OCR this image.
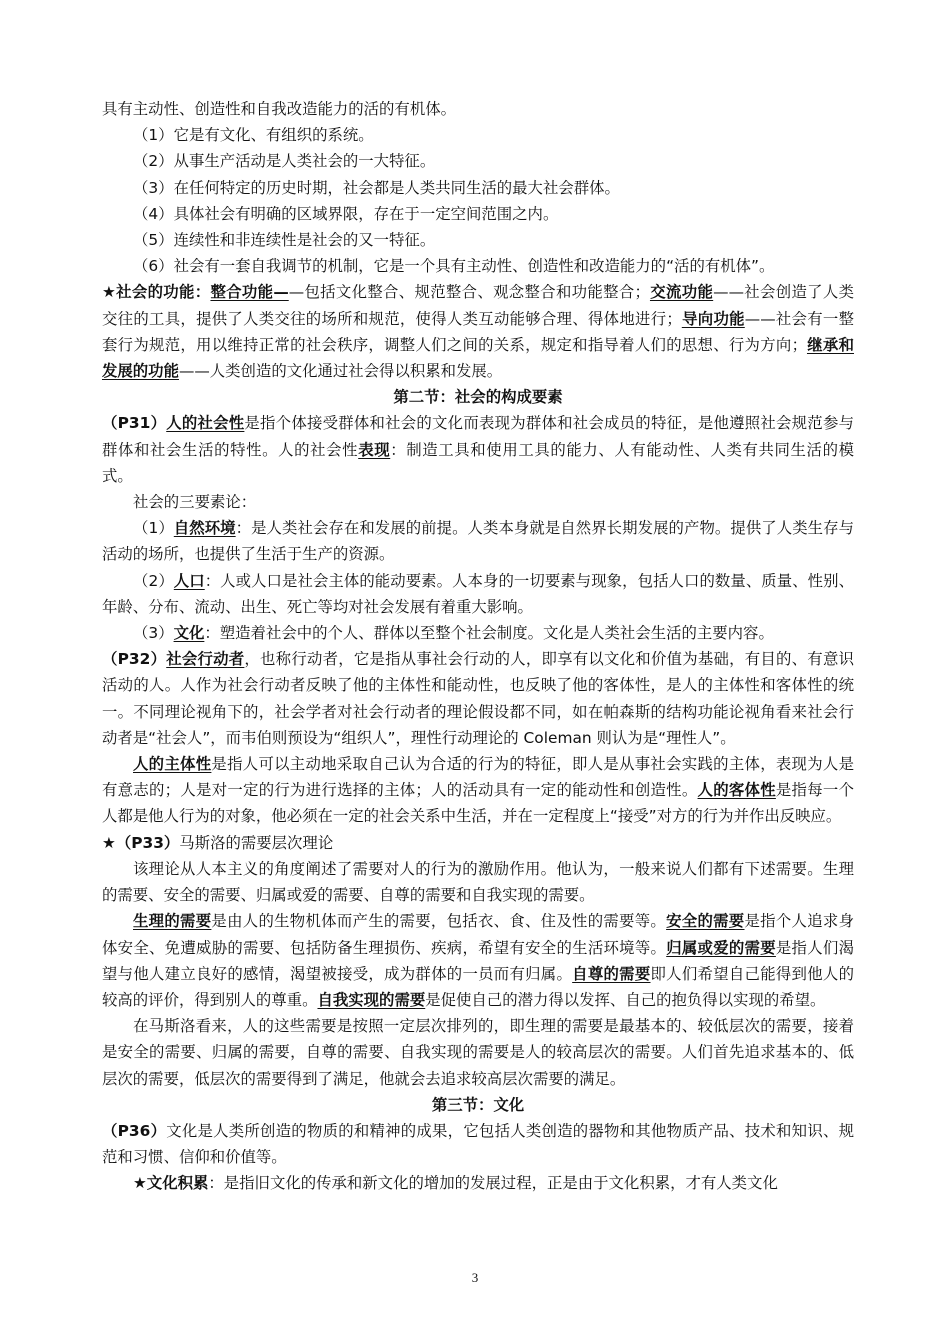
具有主动性、创造性和自我改造能力的活的有机体。

（1）它是有文化、有组织的系统。

（2）从事生产活动是人类社会的一大特征。

（3）在任何特定的历史时期，社会都是人类共同生活的最大社会群体。

（4）具体社会有明确的区域界限，存在于一定空间范围之内。

（5）连续性和非连续性是社会的又一特征。

（6）社会有一套自我调节的机制，它是一个具有主动性、创造性和改造能力的“活的有机体”。

★社会的功能：整合功能——包括文化整合、规范整合、观念整合和功能整合；交流功能——社会创造了人类交往的工具，提供了人类交往的场所和规范，使得人类互动能够合理、得体地进行；导向功能——社会有一整套行为规范，用以维持正常的社会秩序，调整人们之间的关系，规定和指导着人们的思想、行为方向；继承和发展的功能——人类创造的文化通过社会得以积累和发展。

第二节：社会的构成要素

（P31）人的社会性是指个体接受群体和社会的文化而表现为群体和社会成员的特征，是他遵照社会规范参与群体和社会生活的特性。人的社会性表现：制造工具和使用工具的能力、人有能动性、人类有共同生活的模式。

社会的三要素论：

（1）自然环境：是人类社会存在和发展的前提。人类本身就是自然界长期发展的产物。提供了人类生存与活动的场所，也提供了生活于生产的资源。

（2）人口：人或人口是社会主体的能动要素。人本身的一切要素与现象，包括人口的数量、质量、性别、年龄、分布、流动、出生、死亡等均对社会发展有着重大影响。

（3）文化：塑造着社会中的个人、群体以至整个社会制度。文化是人类社会生活的主要内容。

（P32）社会行动者，也称行动者，它是指从事社会行动的人，即享有以文化和价值为基础，有目的、有意识活动的人。人作为社会行动者反映了他的主体性和能动性，也反映了他的客体性，是人的主体性和客体性的统一。不同理论视角下的，社会学者对社会行动者的理论假设都不同，如在帕森斯的结构功能论视角看来社会行动者是“社会人”，而韦伯则预设为“组织人”，理性行动理论的 Coleman 则认为是“理性人”。

人的主体性是指人可以主动地采取自己认为合适的行为的特征，即人是从事社会实践的主体，表现为人是有意志的；人是对一定的行为进行选择的主体；人的活动具有一定的能动性和创造性。人的客体性是指每一个人都是他人行为的对象，他必须在一定的社会关系中生活，并在一定程度上“接受”对方的行为并作出反映应。

★（P33）马斯洛的需要层次理论

该理论从人本主义的角度阐述了需要对人的行为的激励作用。他认为，一般来说人们都有下述需要。生理的需要、安全的需要、归属或爱的需要、自尊的需要和自我实现的需要。

生理的需要是由人的生物机体而产生的需要，包括衣、食、住及性的需要等。安全的需要是指个人追求身体安全、免遭威胁的需要、包括防备生理损伤、疾病，希望有安全的生活环境等。归属或爱的需要是指人们渴望与他人建立良好的感情，渴望被接受，成为群体的一员而有归属。自尊的需要即人们希望自己能得到他人的较高的评价，得到别人的尊重。自我实现的需要是促使自己的潜力得以发挥、自己的抱负得以实现的希望。

在马斯洛看来，人的这些需要是按照一定层次排列的，即生理的需要是最基本的、较低层次的需要，接着是安全的需要、归属的需要，自尊的需要、自我实现的需要是人的较高层次的需要。人们首先追求基本的、低层次的需要，低层次的需要得到了满足，他就会去追求较高层次需要的满足。

第三节：文化

（P36）文化是人类所创造的物质的和精神的成果，它包括人类创造的器物和其他物质产品、技术和知识、规范和习惯、信仰和价值等。

★文化积累：是指旧文化的传承和新文化的增加的发展过程，正是由于文化积累，才有人类文化

3
